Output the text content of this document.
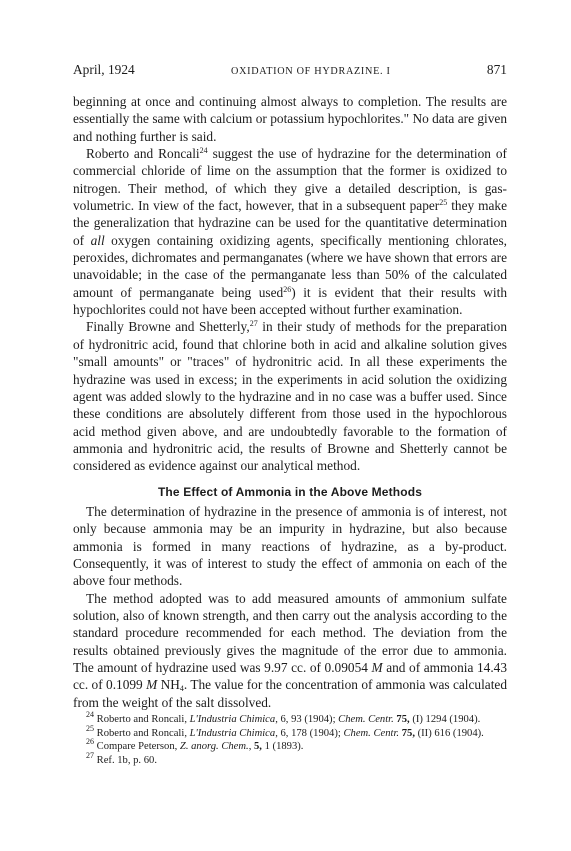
April, 1924	OXIDATION OF HYDRAZINE. I	871

beginning at once and continuing almost always to completion. The results are essentially the same with calcium or potassium hypochlorites." No data are given and nothing further is said.

Roberto and Roncali$^{24}$ suggest the use of hydrazine for the determination of commercial chloride of lime on the assumption that the former is oxidized to nitrogen. Their method, of which they give a detailed description, is gas-volumetric. In view of the fact, however, that in a subsequent paper$^{25}$ they make the generalization that hydrazine can be used for the quantitative determination of all oxygen containing oxidizing agents, specifically mentioning chlorates, peroxides, dichromates and permanganates (where we have shown that errors are unavoidable; in the case of the permanganate less than 50% of the calculated amount of permanganate being used$^{26}$) it is evident that their results with hypochlorites could not have been accepted without further examination.

Finally Browne and Shetterly,$^{27}$ in their study of methods for the preparation of hydronitric acid, found that chlorine both in acid and alkaline solution gives "small amounts" or "traces" of hydronitric acid. In all these experiments the hydrazine was used in excess; in the experiments in acid solution the oxidizing agent was added slowly to the hydrazine and in no case was a buffer used. Since these conditions are absolutely different from those used in the hypochlorous acid method given above, and are undoubtedly favorable to the formation of ammonia and hydronitric acid, the results of Browne and Shetterly cannot be considered as evidence against our analytical method.

The Effect of Ammonia in the Above Methods

The determination of hydrazine in the presence of ammonia is of interest, not only because ammonia may be an impurity in hydrazine, but also because ammonia is formed in many reactions of hydrazine, as a by-product. Consequently, it was of interest to study the effect of ammonia on each of the above four methods.

The method adopted was to add measured amounts of ammonium sulfate solution, also of known strength, and then carry out the analysis according to the standard procedure recommended for each method. The deviation from the results obtained previously gives the magnitude of the error due to ammonia. The amount of hydrazine used was 9.97 cc. of 0.09054 M and of ammonia 14.43 cc. of 0.1099 M $NH_4$. The value for the concentration of ammonia was calculated from the weight of the salt dissolved.

$^{24}$ Roberto and Roncali, L'Industria Chimica, 6, 93 (1904); Chem. Centr. 75, (I) 1294 (1904).

$^{25}$ Roberto and Roncali, L'Industria Chimica, 6, 178 (1904); Chem. Centr. 75, (II) 616 (1904).

$^{26}$ Compare Peterson, Z. anorg. Chem., 5, 1 (1893).

$^{27}$ Ref. 1b, p. 60.
